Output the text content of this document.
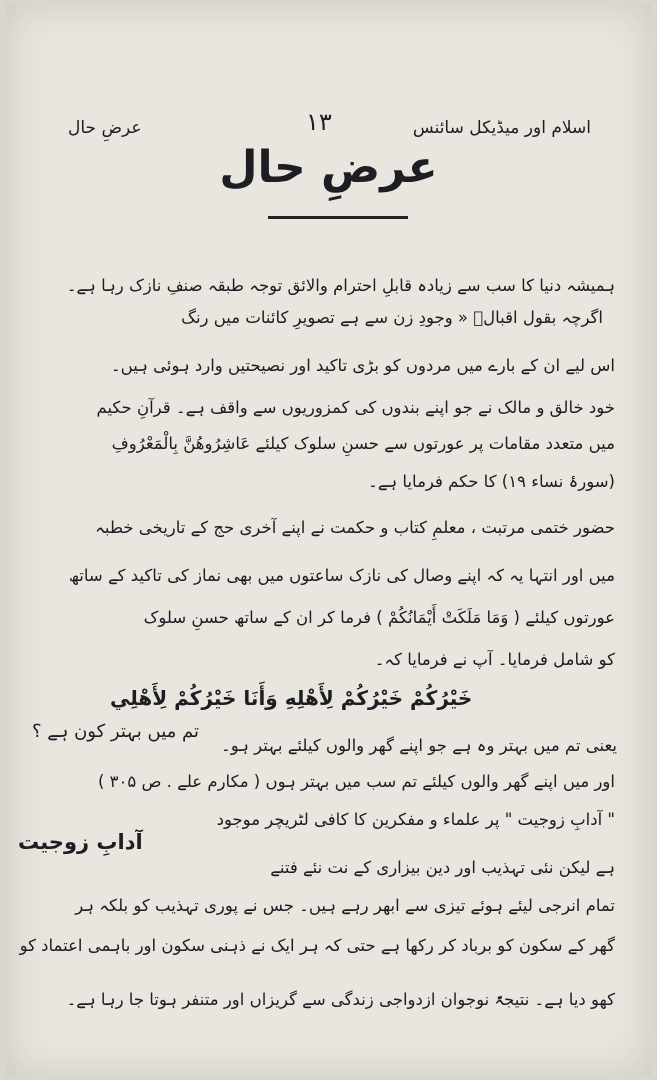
اسلام اور میڈیکل سائنس
۱۳
عرضِ حال
عرضِ حال
ہمیشہ دنیا کا سب سے زیادہ قابلِ احترام والائق توجہ طبقہ صنفِ نازک رہا ہے۔
اگرچہ بقول اقبالؒ « وجودِ زن سے ہے تصویرِ کائنات میں رنگ
اس لیے ان کے بارے میں مردوں کو بڑی تاکید اور نصیحتیں وارد ہوئی ہیں۔
خود خالق و مالک نے جو اپنے بندوں کی کمزوریوں سے واقف ہے۔ قرآنِ حکیم
میں متعدد مقامات پر عورتوں سے حسنِ سلوک کیلئے عَاشِرُوهُنَّ بِالْمَعْرُوفِ
(سورۂ نساء ۱۹) کا حکم فرمایا ہے۔
حضور ختمی مرتبت ، معلمِ کتاب و حکمت نے اپنے آخری حج کے تاریخی خطبہ
میں اور انتہا یہ کہ اپنے وصال کی نازک ساعتوں میں بھی نماز کی تاکید کے ساتھ
عورتوں کیلئے ( وَمَا مَلَكَتْ أَيْمَانُكُمْ ) فرما کر ان کے ساتھ حسنِ سلوک
کو شامل فرمایا۔ آپ نے فرمایا کہ۔
خَيْرُكُمْ خَيْرُكُمْ لِأَهْلِهِ وَأَنَا خَيْرُكُمْ لِأَهْلِي
تم میں بہتر کون ہے ؟
یعنی تم میں بہتر وہ ہے جو اپنے گھر والوں کیلئے بہتر ہو۔
اور میں اپنے گھر والوں کیلئے تم سب میں بہتر ہوں ( مکارم علے . ص ۳۰۵ )
" آدابِ زوجیت " پر علماء و مفکرین کا کافی لٹریچر موجود
آدابِ زوجیت
ہے لیکن نئی تہذیب اور دین بیزاری کے نت نئے فتنے
تمام انرجی لیئے ہوئے تیزی سے ابھر رہے ہیں۔ جس نے پوری تہذیب کو بلکہ ہر
گھر کے سکون کو برباد کر رکھا ہے حتی کہ ہر ایک نے ذہنی سکون اور باہمی اعتماد کو
کھو دیا ہے۔ نتیجۃً نوجوان ازدواجی زندگی سے گریزاں اور متنفر ہوتا جا رہا ہے۔
